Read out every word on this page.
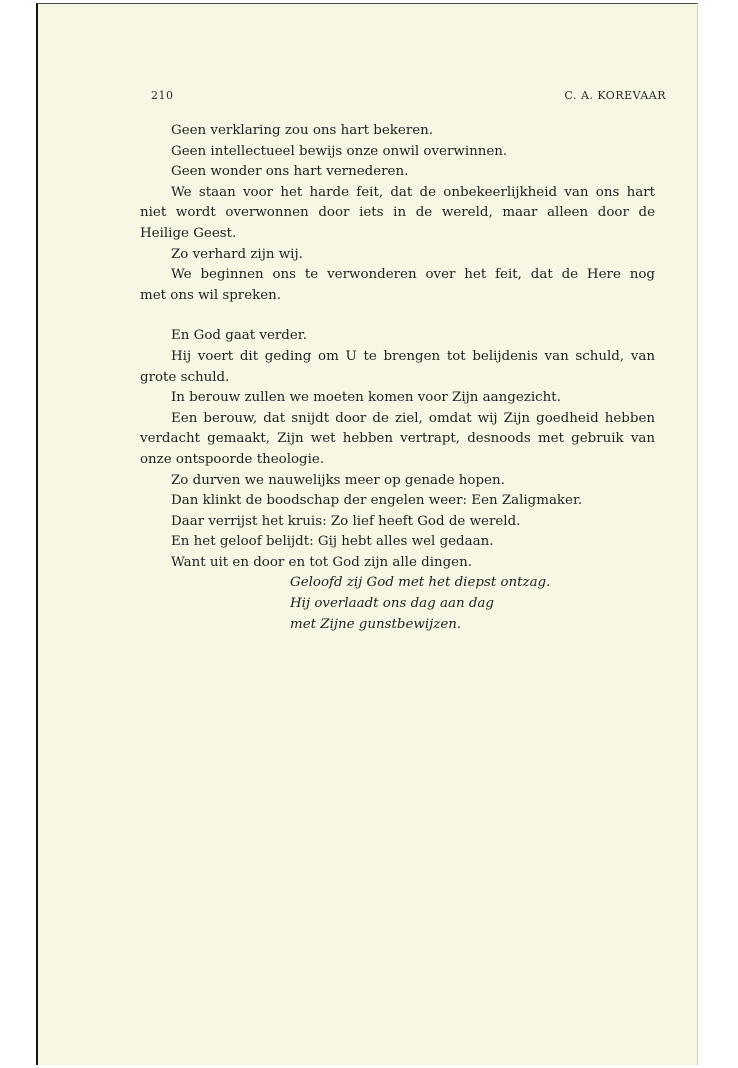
210	C. A. KOREVAAR
Geen verklaring zou ons hart bekeren.
Geen intellectueel bewijs onze onwil overwinnen.
Geen wonder ons hart vernederen.
We staan voor het harde feit, dat de onbekeerlijkheid van ons hart
niet wordt overwonnen door iets in de wereld, maar alleen door de
Heilige Geest.
Zo verhard zijn wij.
We beginnen ons te verwonderen over het feit, dat de Here nog
met ons wil spreken.
En God gaat verder.
Hij voert dit geding om U te brengen tot belijdenis van schuld, van
grote schuld.
In berouw zullen we moeten komen voor Zijn aangezicht.
Een berouw, dat snijdt door de ziel, omdat wij Zijn goedheid hebben
verdacht gemaakt, Zijn wet hebben vertrapt, desnoods met gebruik van
onze ontspoorde theologie.
Zo durven we nauwelijks meer op genade hopen.
Dan klinkt de boodschap der engelen weer: Een Zaligmaker.
Daar verrijst het kruis: Zo lief heeft God de wereld.
En het geloof belijdt: Gij hebt alles wel gedaan.
Want uit en door en tot God zijn alle dingen.
Geloofd zij God met het diepst ontzag.
Hij overlaadt ons dag aan dag
met Zijne gunstbewijzen.
